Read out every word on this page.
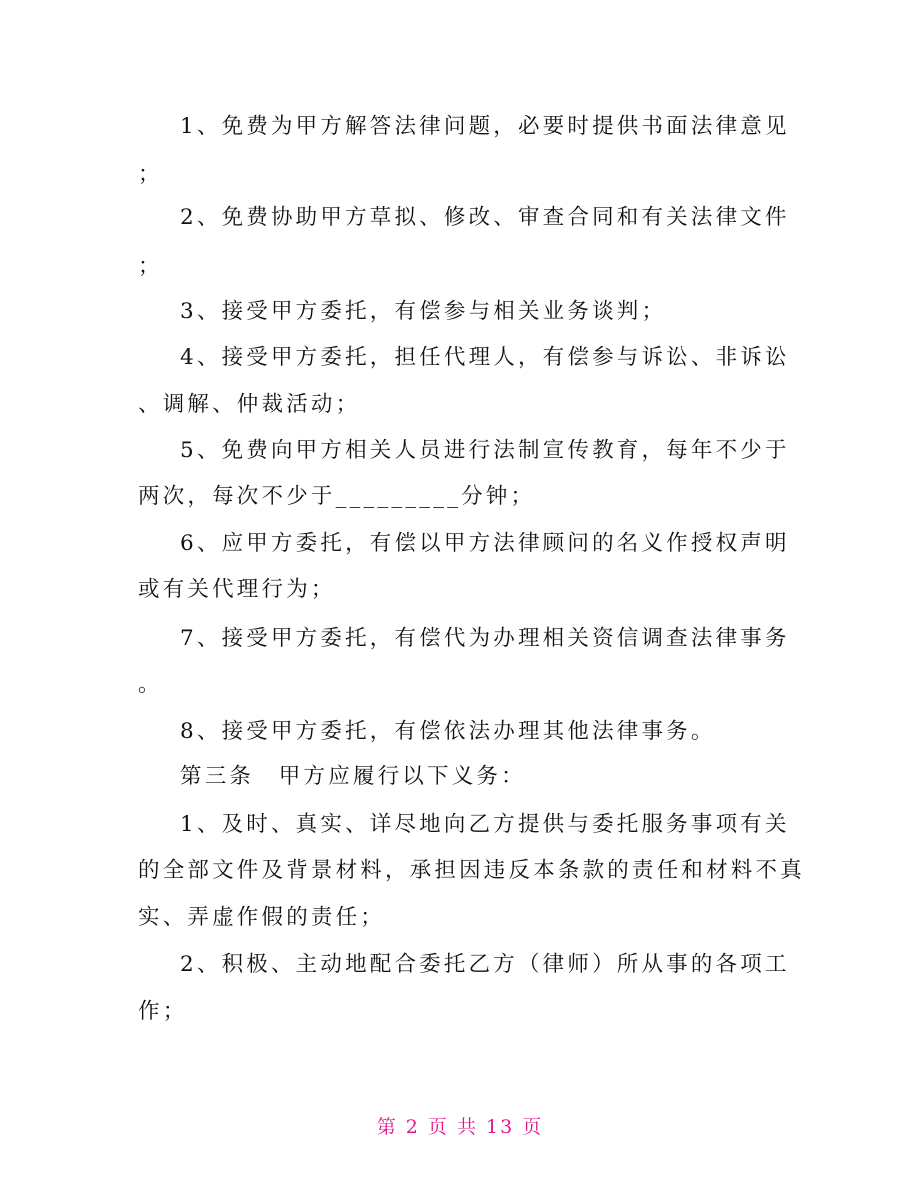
1、免费为甲方解答法律问题，必要时提供书面法律意见
；
2、免费协助甲方草拟、修改、审查合同和有关法律文件
；
3、接受甲方委托，有偿参与相关业务谈判；
4、接受甲方委托，担任代理人，有偿参与诉讼、非诉讼
、调解、仲裁活动；
5、免费向甲方相关人员进行法制宣传教育，每年不少于
两次，每次不少于_________分钟；
6、应甲方委托，有偿以甲方法律顾问的名义作授权声明
或有关代理行为；
7、接受甲方委托，有偿代为办理相关资信调查法律事务
。
8、接受甲方委托，有偿依法办理其他法律事务。
第三条　甲方应履行以下义务：
1、及时、真实、详尽地向乙方提供与委托服务事项有关
的全部文件及背景材料，承担因违反本条款的责任和材料不真
实、弄虚作假的责任；
2、积极、主动地配合委托乙方（律师）所从事的各项工
作；
第 2 页 共 13 页
